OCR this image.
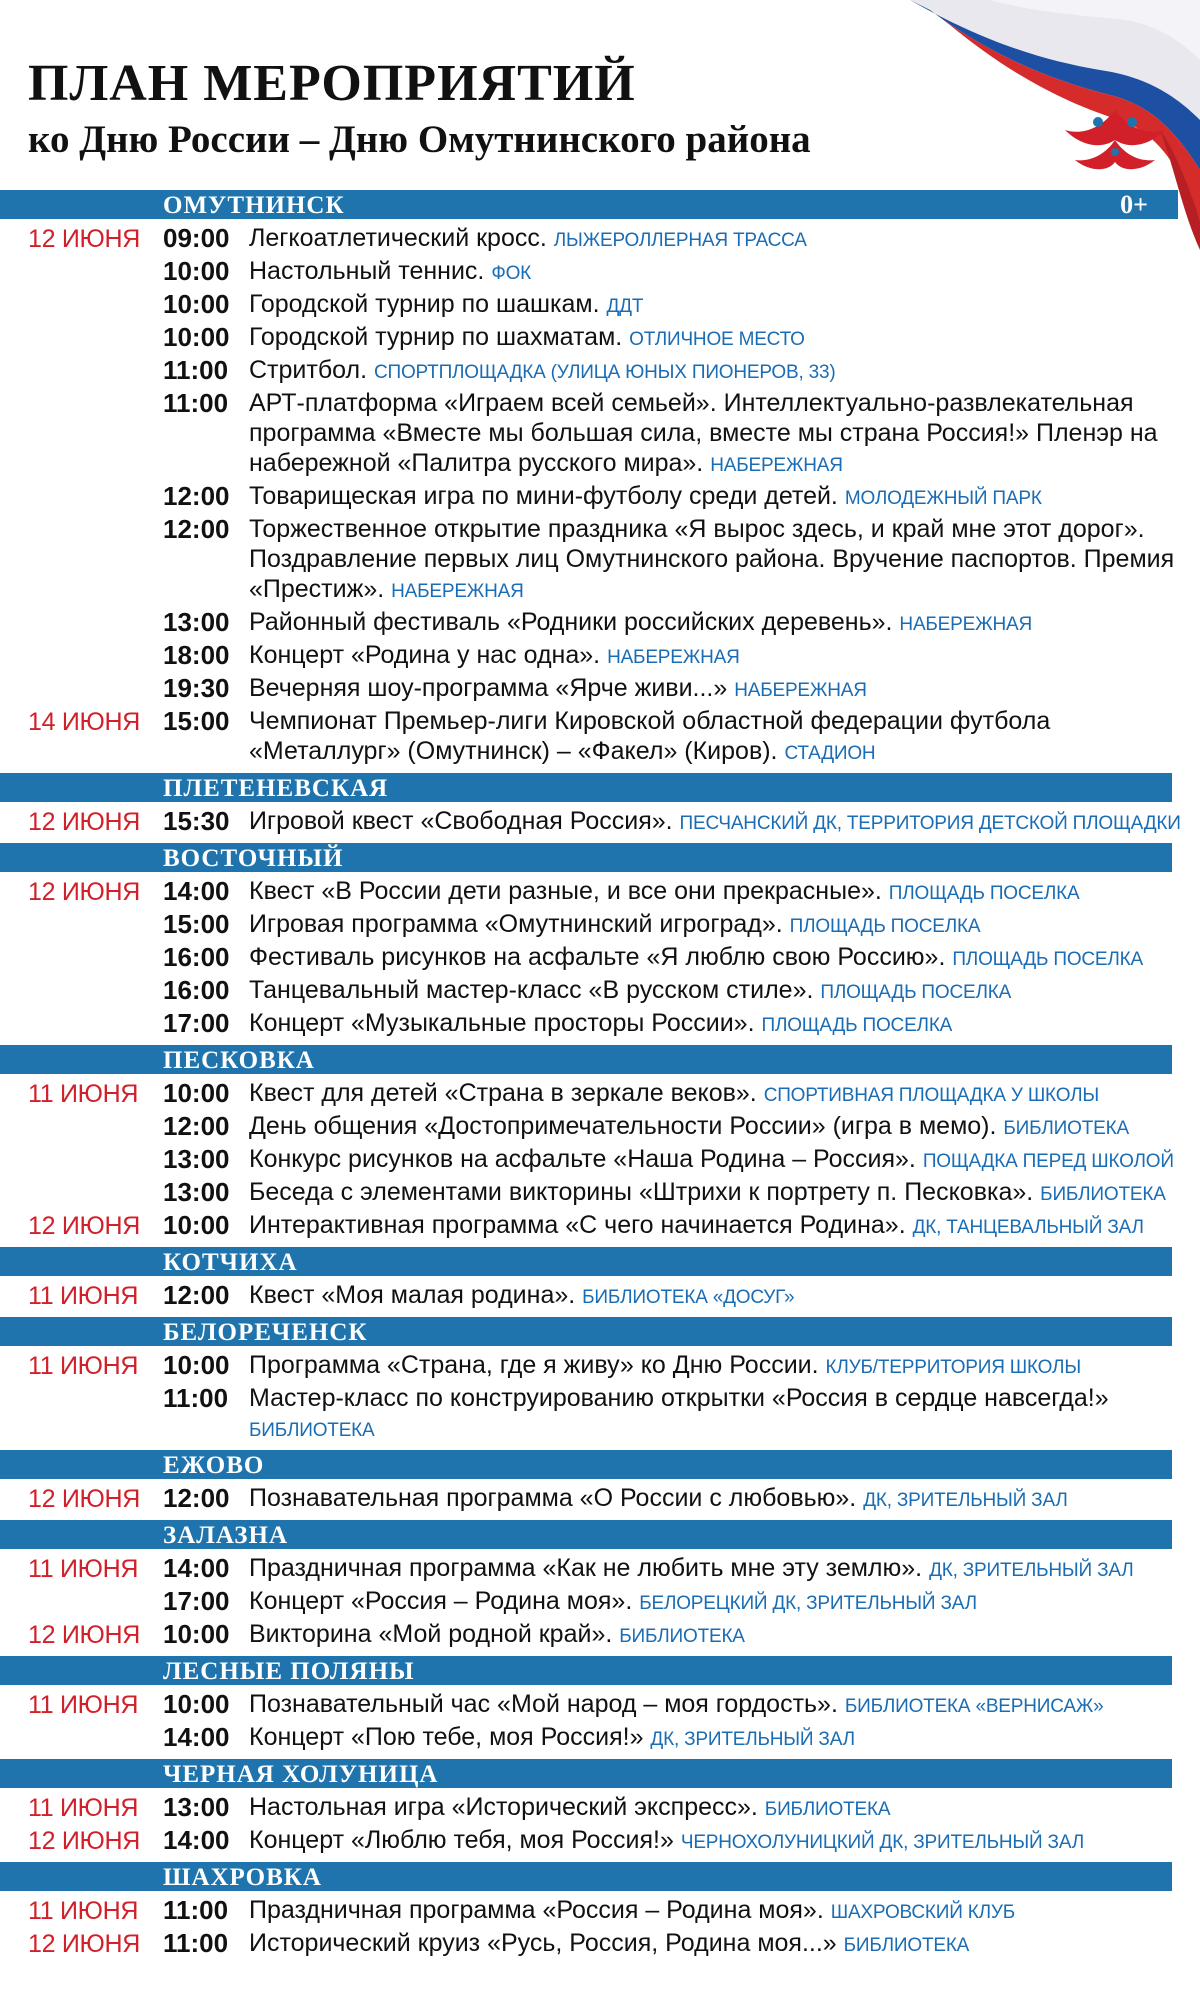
ПЛАН МЕРОПРИЯТИЙ
ко Дню России – Дню Омутнинского района
ОМУТНИНСК	0+
12 ИЮНЯ 09:00 Легкоатлетический кросс. ЛЫЖЕРОЛЛЕРНАЯ ТРАССА
10:00 Настольный теннис. ФОК
10:00 Городской турнир по шашкам. ДДТ
10:00 Городской турнир по шахматам. ОТЛИЧНОЕ МЕСТО
11:00 Стритбол. СПОРТПЛОЩАДКА (УЛИЦА ЮНЫХ ПИОНЕРОВ, 33)
11:00 АРТ-платформа «Играем всей семьей». Интеллектуально-развлекательная программа «Вместе мы большая сила, вместе мы страна Россия!» Пленэр на набережной «Палитра русского мира». НАБЕРЕЖНАЯ
12:00 Товарищеская игра по мини-футболу среди детей. МОЛОДЕЖНЫЙ ПАРК
12:00 Торжественное открытие праздника «Я вырос здесь, и край мне этот дорог». Поздравление первых лиц Омутнинского района. Вручение паспортов. Премия «Престиж». НАБЕРЕЖНАЯ
13:00 Районный фестиваль «Родники российских деревень». НАБЕРЕЖНАЯ
18:00 Концерт «Родина у нас одна». НАБЕРЕЖНАЯ
19:30 Вечерняя шоу-программа «Ярче живи...» НАБЕРЕЖНАЯ
14 ИЮНЯ 15:00 Чемпионат Премьер-лиги Кировской областной федерации футбола «Металлург» (Омутнинск) – «Факел» (Киров). СТАДИОН
ПЛЕТЕНЕВСКАЯ
12 ИЮНЯ 15:30 Игровой квест «Свободная Россия». ПЕСЧАНСКИЙ ДК, ТЕРРИТОРИЯ ДЕТСКОЙ ПЛОЩАДКИ
ВОСТОЧНЫЙ
12 ИЮНЯ 14:00 Квест «В России дети разные, и все они прекрасные». ПЛОЩАДЬ ПОСЕЛКА
15:00 Игровая программа «Омутнинский игроград». ПЛОЩАДЬ ПОСЕЛКА
16:00 Фестиваль рисунков на асфальте «Я люблю свою Россию». ПЛОЩАДЬ ПОСЕЛКА
16:00 Танцевальный мастер-класс «В русском стиле». ПЛОЩАДЬ ПОСЕЛКА
17:00 Концерт «Музыкальные просторы России». ПЛОЩАДЬ ПОСЕЛКА
ПЕСКОВКА
11 ИЮНЯ 10:00 Квест для детей «Страна в зеркале веков». СПОРТИВНАЯ ПЛОЩАДКА У ШКОЛЫ
12:00 День общения «Достопримечательности России» (игра в мемо). БИБЛИОТЕКА
13:00 Конкурс рисунков на асфальте «Наша Родина – Россия». ПОЩАДКА ПЕРЕД ШКОЛОЙ
13:00 Беседа с элементами викторины «Штрихи к портрету п. Песковка». БИБЛИОТЕКА
12 ИЮНЯ 10:00 Интерактивная программа «С чего начинается Родина». ДК, ТАНЦЕВАЛЬНЫЙ ЗАЛ
КОТЧИХА
11 ИЮНЯ 12:00 Квест «Моя малая родина». БИБЛИОТЕКА «ДОСУГ»
БЕЛОРЕЧЕНСК
11 ИЮНЯ 10:00 Программа «Страна, где я живу» ко Дню России. КЛУБ/ТЕРРИТОРИЯ ШКОЛЫ
11:00 Мастер-класс по конструированию открытки «Россия в сердце навсегда!» БИБЛИОТЕКА
ЕЖОВО
12 ИЮНЯ 12:00 Познавательная программа «О России с любовью». ДК, ЗРИТЕЛЬНЫЙ ЗАЛ
ЗАЛАЗНА
11 ИЮНЯ 14:00 Праздничная программа «Как не любить мне эту землю». ДК, ЗРИТЕЛЬНЫЙ ЗАЛ
17:00 Концерт «Россия – Родина моя». БЕЛОРЕЦКИЙ ДК, ЗРИТЕЛЬНЫЙ ЗАЛ
12 ИЮНЯ 10:00 Викторина «Мой родной край». БИБЛИОТЕКА
ЛЕСНЫЕ ПОЛЯНЫ
11 ИЮНЯ 10:00 Познавательный час «Мой народ – моя гордость». БИБЛИОТЕКА «ВЕРНИСАЖ»
14:00 Концерт «Пою тебе, моя Россия!» ДК, ЗРИТЕЛЬНЫЙ ЗАЛ
ЧЕРНАЯ ХОЛУНИЦА
11 ИЮНЯ 13:00 Настольная игра «Исторический экспресс». БИБЛИОТЕКА
12 ИЮНЯ 14:00 Концерт «Люблю тебя, моя Россия!» ЧЕРНОХОЛУНИЦКИЙ ДК, ЗРИТЕЛЬНЫЙ ЗАЛ
ШАХРОВКА
11 ИЮНЯ 11:00 Праздничная программа «Россия – Родина моя». ШАХРОВСКИЙ КЛУБ
12 ИЮНЯ 11:00 Исторический круиз «Русь, Россия, Родина моя...» БИБЛИОТЕКА
